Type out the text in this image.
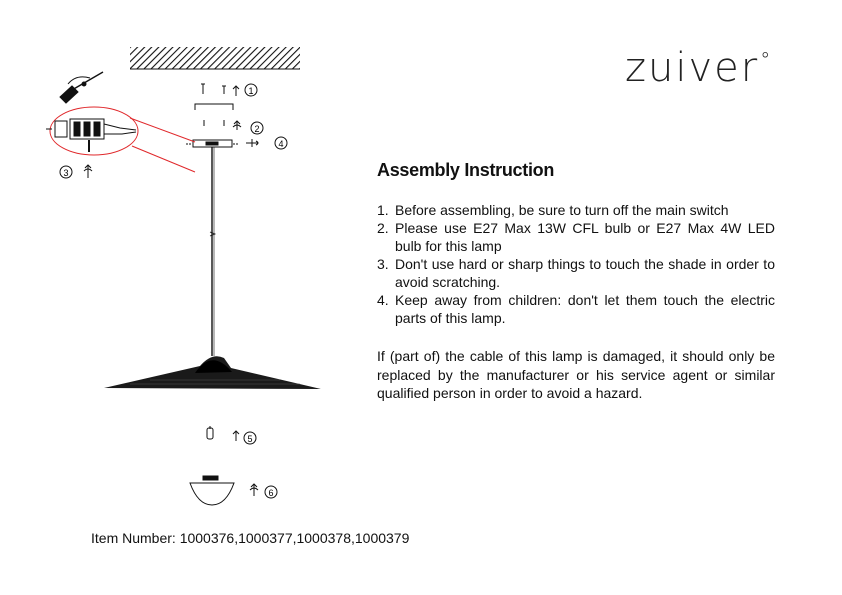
1
2
4
3
5
6
zuiver°
Assembly Instruction
1. Before assembling, be sure to turn off the main switch
2. Please use E27 Max 13W CFL bulb or E27 Max 4W LED bulb for this lamp
3. Don't use hard or sharp things to touch the shade in order to avoid scratching.
4. Keep away from children: don't let them touch the electric parts of this lamp.

If (part of) the cable of this lamp is damaged, it should only be replaced by the manufacturer or his service agent or similar qualified person in order to avoid a hazard.

Item Number: 1000376,1000377,1000378,1000379
